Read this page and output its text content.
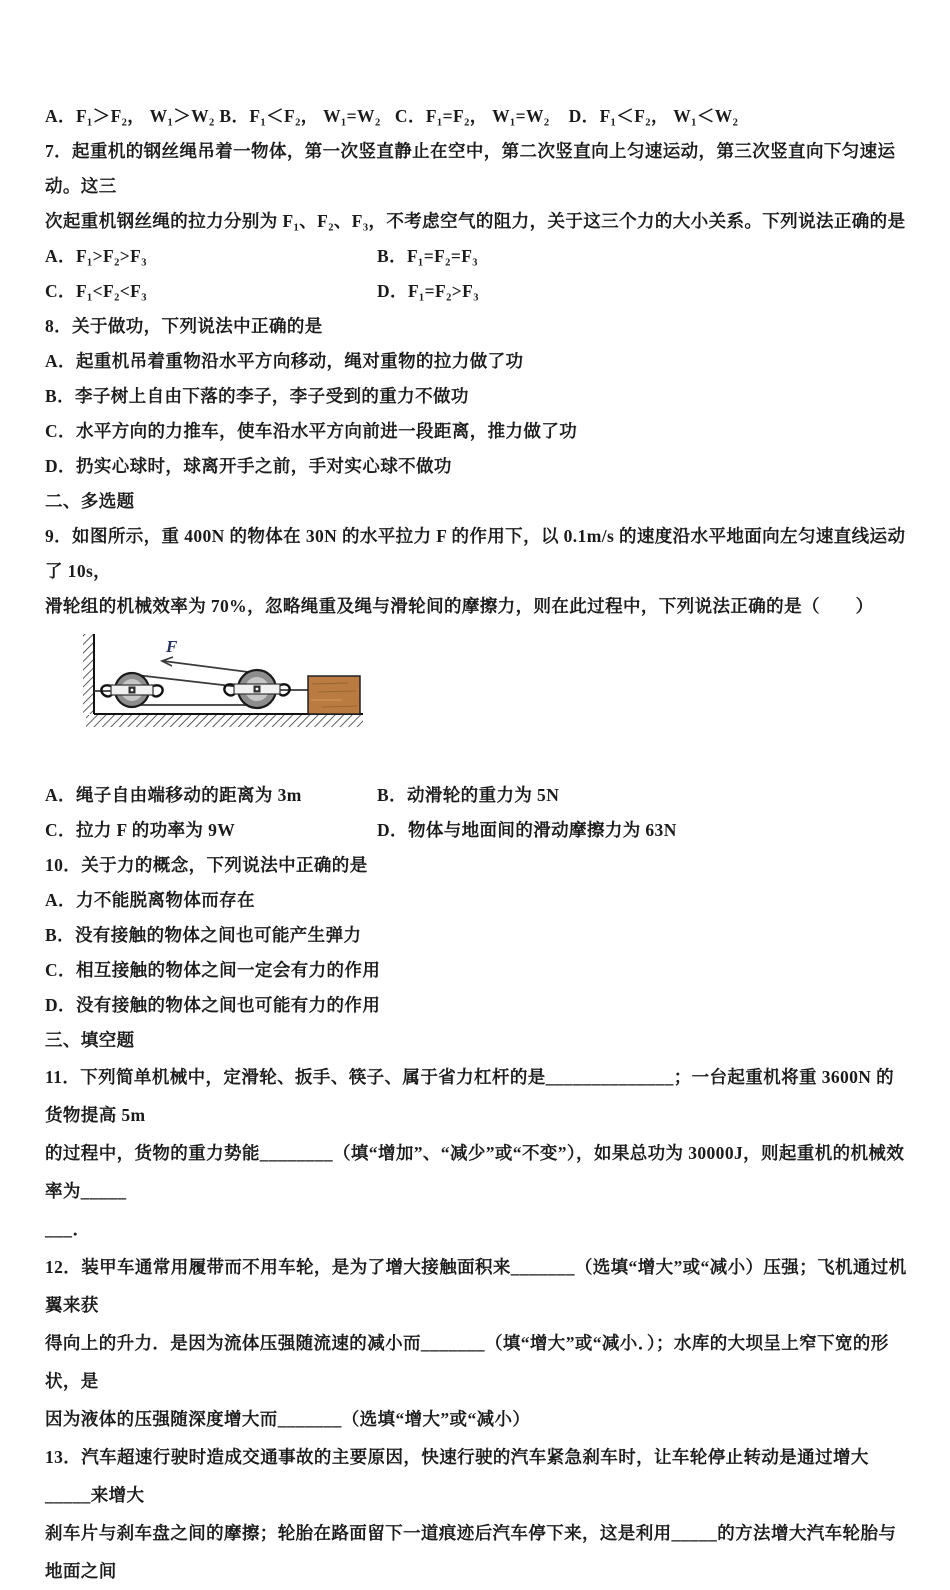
A．F₁＞F₂， W₁＞W₂ B．F₁＜F₂， W₁=W₂   C．F₁=F₂， W₁=W₂    D．F₁＜F₂， W₁＜W₂
7．起重机的钢丝绳吊着一物体，第一次竖直静止在空中，第二次竖直向上匀速运动，第三次竖直向下匀速运动。这三
次起重机钢丝绳的拉力分别为 F₁、F₂、F₃，不考虑空气的阻力，关于这三个力的大小关系。下列说法正确的是
A．F₁>F₂>F₃	B．F₁=F₂=F₃
C．F₁<F₂<F₃	D．F₁=F₂>F₃
8．关于做功，下列说法中正确的是
A．起重机吊着重物沿水平方向移动，绳对重物的拉力做了功
B．李子树上自由下落的李子，李子受到的重力不做功
C．水平方向的力推车，使车沿水平方向前进一段距离，推力做了功
D．扔实心球时，球离开手之前，手对实心球不做功
二、多选题
9．如图所示，重 400N 的物体在 30N 的水平拉力 F 的作用下，以 0.1m/s 的速度沿水平地面向左匀速直线运动了 10s，
滑轮组的机械效率为 70%，忽略绳重及绳与滑轮间的摩擦力，则在此过程中，下列说法正确的是（　　）
F
A．绳子自由端移动的距离为 3m	B．动滑轮的重力为 5N
C．拉力 F 的功率为 9W	D．物体与地面间的滑动摩擦力为 63N
10．关于力的概念，下列说法中正确的是
A．力不能脱离物体而存在
B．没有接触的物体之间也可能产生弹力
C．相互接触的物体之间一定会有力的作用
D．没有接触的物体之间也可能有力的作用
三、填空题
11．下列简单机械中，定滑轮、扳手、筷子、属于省力杠杆的是______________；一台起重机将重 3600N 的货物提高 5m
的过程中，货物的重力势能________（填“增加”、“减少”或“不变”），如果总功为 30000J，则起重机的机械效率为_____
___．
12．装甲车通常用履带而不用车轮，是为了增大接触面积来_______（选填“增大”或“减小）压强；飞机通过机翼来获
得向上的升力．是因为流体压强随流速的减小而_______（填“增大”或“减小．）；水库的大坝呈上窄下宽的形状，是
因为液体的压强随深度增大而_______（选填“增大”或“减小）
13．汽车超速行驶时造成交通事故的主要原因，快速行驶的汽车紧急刹车时，让车轮停止转动是通过增大_____来增大
刹车片与刹车盘之间的摩擦；轮胎在路面留下一道痕迹后汽车停下来，这是利用_____的方法增大汽车轮胎与地面之间
